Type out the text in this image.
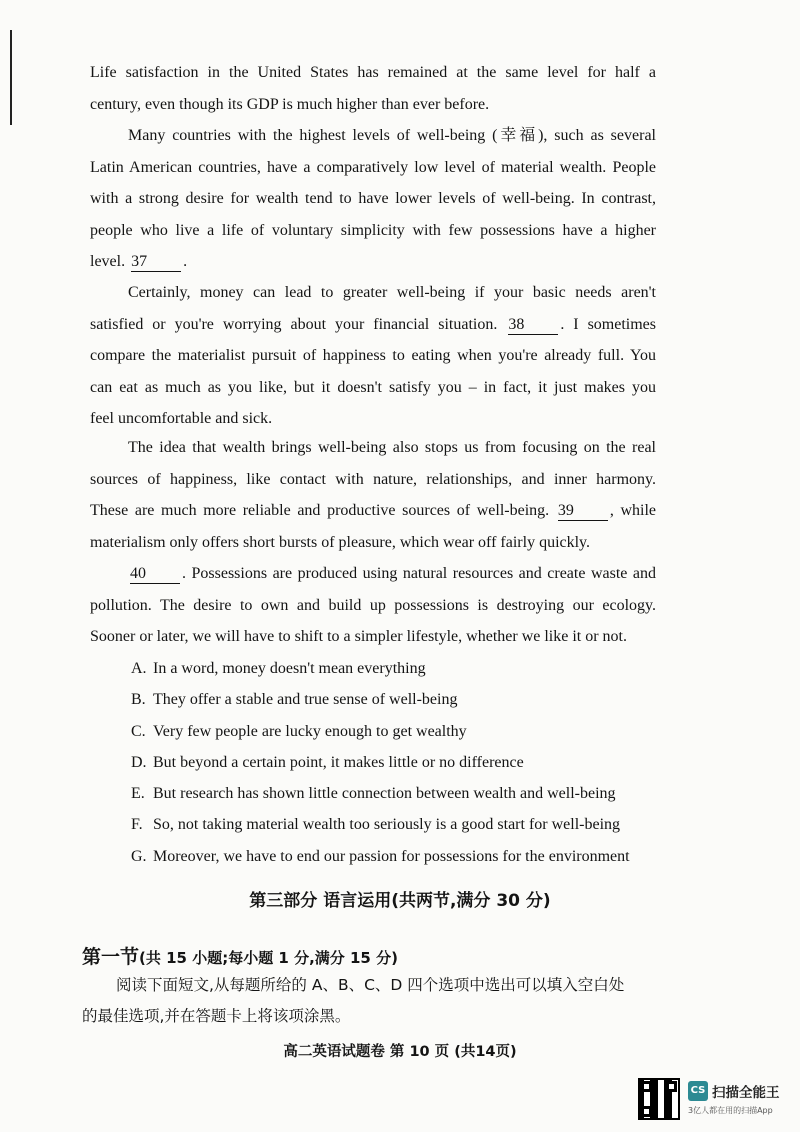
Life satisfaction in the United States has remained at the same level for half a
century, even though its GDP is much higher than ever before.
Many countries with the highest levels of well-being (幸福), such as several
Latin American countries, have a comparatively low level of material wealth. People
with a strong desire for wealth tend to have lower levels of well-being. In contrast,
people who live a life of voluntary simplicity with few possessions have a higher
level. 37 .
Certainly, money can lead to greater well-being if your basic needs aren't
satisfied or you're worrying about your financial situation. 38 . I sometimes
compare the materialist pursuit of happiness to eating when you're already full. You
can eat as much as you like, but it doesn't satisfy you – in fact, it just makes you
feel uncomfortable and sick.
The idea that wealth brings well-being also stops us from focusing on the real
sources of happiness, like contact with nature, relationships, and inner harmony.
These are much more reliable and productive sources of well-being. 39 , while
materialism only offers short bursts of pleasure, which wear off fairly quickly.
40 . Possessions are produced using natural resources and create waste and
pollution. The desire to own and build up possessions is destroying our ecology.
Sooner or later, we will have to shift to a simpler lifestyle, whether we like it or not.
A. In a word, money doesn't mean everything
B. They offer a stable and true sense of well-being
C. Very few people are lucky enough to get wealthy
D. But beyond a certain point, it makes little or no difference
E. But research has shown little connection between wealth and well-being
F. So, not taking material wealth too seriously is a good start for well-being
G. Moreover, we have to end our passion for possessions for the environment
第三部分 语言运用(共两节,满分 30 分)
第一节(共 15 小题;每小题 1 分,满分 15 分)
阅读下面短文,从每题所给的 A、B、C、D 四个选项中选出可以填入空白处
的最佳选项,并在答题卡上将该项涂黑。
高二英语试题卷 第 10 页 (共14页)
CS 扫描全能王
3亿人都在用的扫描App
